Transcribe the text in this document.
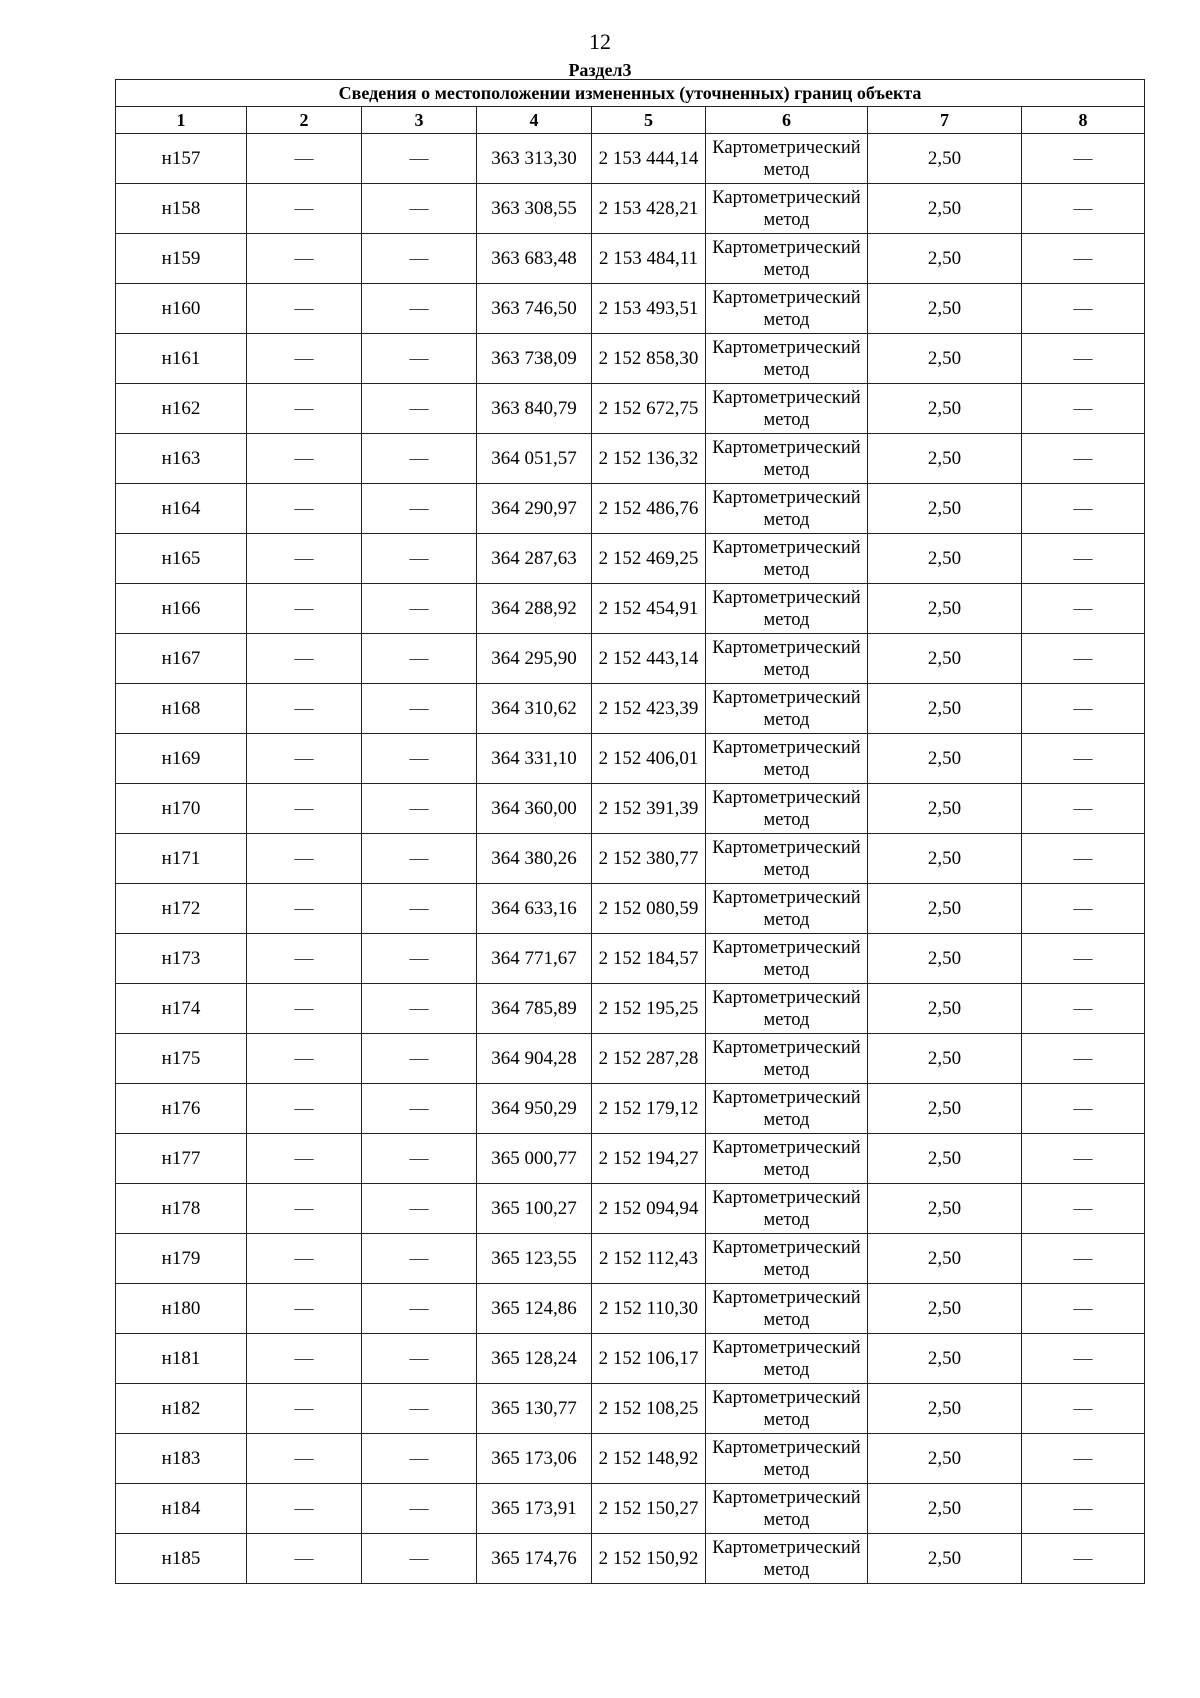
12
Раздел3
Сведения о местоположении измененных (уточненных) границ объекта							
1	2	3	4	5	6	7	8
н157	—	—	363 313,30	2 153 444,14	Картометрический метод	2,50	—
н158	—	—	363 308,55	2 153 428,21	Картометрический метод	2,50	—
н159	—	—	363 683,48	2 153 484,11	Картометрический метод	2,50	—
н160	—	—	363 746,50	2 153 493,51	Картометрический метод	2,50	—
н161	—	—	363 738,09	2 152 858,30	Картометрический метод	2,50	—
н162	—	—	363 840,79	2 152 672,75	Картометрический метод	2,50	—
н163	—	—	364 051,57	2 152 136,32	Картометрический метод	2,50	—
н164	—	—	364 290,97	2 152 486,76	Картометрический метод	2,50	—
н165	—	—	364 287,63	2 152 469,25	Картометрический метод	2,50	—
н166	—	—	364 288,92	2 152 454,91	Картометрический метод	2,50	—
н167	—	—	364 295,90	2 152 443,14	Картометрический метод	2,50	—
н168	—	—	364 310,62	2 152 423,39	Картометрический метод	2,50	—
н169	—	—	364 331,10	2 152 406,01	Картометрический метод	2,50	—
н170	—	—	364 360,00	2 152 391,39	Картометрический метод	2,50	—
н171	—	—	364 380,26	2 152 380,77	Картометрический метод	2,50	—
н172	—	—	364 633,16	2 152 080,59	Картометрический метод	2,50	—
н173	—	—	364 771,67	2 152 184,57	Картометрический метод	2,50	—
н174	—	—	364 785,89	2 152 195,25	Картометрический метод	2,50	—
н175	—	—	364 904,28	2 152 287,28	Картометрический метод	2,50	—
н176	—	—	364 950,29	2 152 179,12	Картометрический метод	2,50	—
н177	—	—	365 000,77	2 152 194,27	Картометрический метод	2,50	—
н178	—	—	365 100,27	2 152 094,94	Картометрический метод	2,50	—
н179	—	—	365 123,55	2 152 112,43	Картометрический метод	2,50	—
н180	—	—	365 124,86	2 152 110,30	Картометрический метод	2,50	—
н181	—	—	365 128,24	2 152 106,17	Картометрический метод	2,50	—
н182	—	—	365 130,77	2 152 108,25	Картометрический метод	2,50	—
н183	—	—	365 173,06	2 152 148,92	Картометрический метод	2,50	—
н184	—	—	365 173,91	2 152 150,27	Картометрический метод	2,50	—
н185	—	—	365 174,76	2 152 150,92	Картометрический метод	2,50	—
